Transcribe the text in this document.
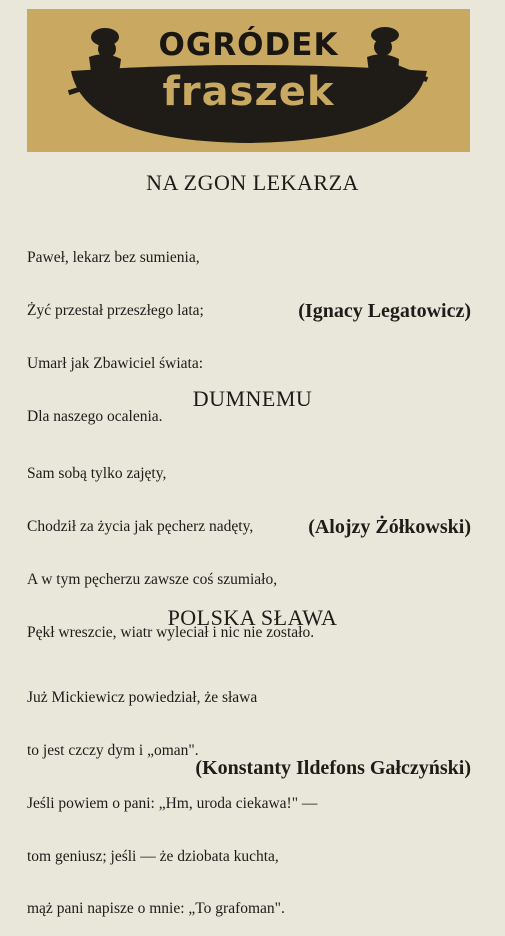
OGRÓDEK
fraszek
NA ZGON LEKARZA

Paweł, lekarz bez sumienia,

Żyć przestał przeszłego lata;

Umarł jak Zbawiciel świata:

Dla naszego ocalenia.

(Ignacy Legatowicz)
DUMNEMU

Sam sobą tylko zajęty,

Chodził za życia jak pęcherz nadęty,

A w tym pęcherzu zawsze coś szumiało,

Pękł wreszcie, wiatr wyleciał i nic nie zostało.

(Alojzy Żółkowski)
POLSKA SŁAWA

Już Mickiewicz powiedział, że sława

to jest czczy dym i „oman".

Jeśli powiem o pani: „Hm, uroda ciekawa!" —

tom geniusz; jeśli — że dziobata kuchta,

mąż pani napisze o mnie: „To grafoman".

(Konstanty Ildefons Gałczyński)
